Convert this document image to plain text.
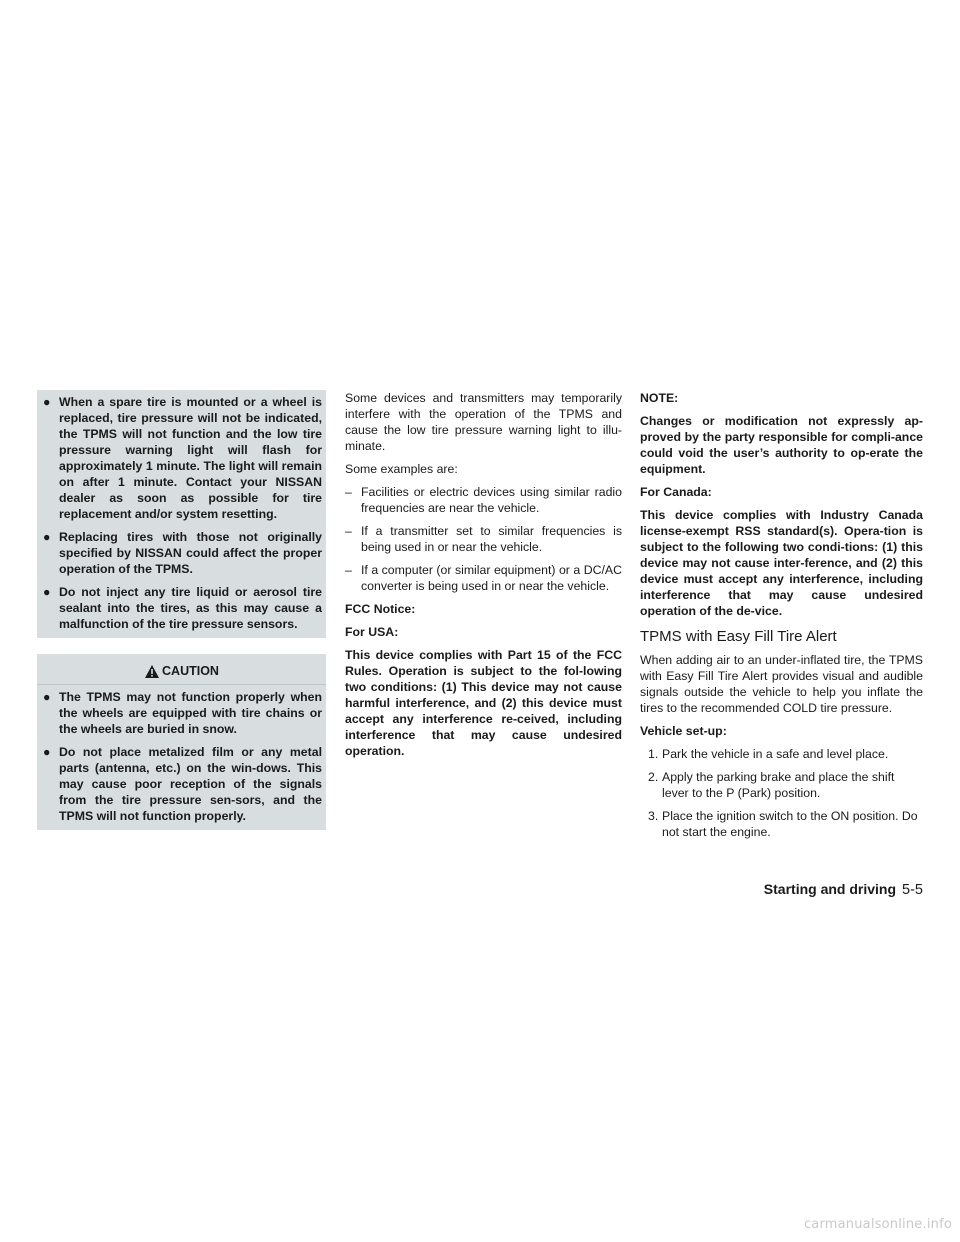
● When a spare tire is mounted or a wheel is replaced, tire pressure will not be indicated, the TPMS will not function and the low tire pressure warning light will flash for approximately 1 minute. The light will remain on after 1 minute. Contact your NISSAN dealer as soon as possible for tire replacement and/or system resetting.
● Replacing tires with those not originally specified by NISSAN could affect the proper operation of the TPMS.
● Do not inject any tire liquid or aerosol tire sealant into the tires, as this may cause a malfunction of the tire pressure sensors.
CAUTION
● The TPMS may not function properly when the wheels are equipped with tire chains or the wheels are buried in snow.
● Do not place metalized film or any metal parts (antenna, etc.) on the win-dows. This may cause poor reception of the signals from the tire pressure sen-sors, and the TPMS will not function properly.

Some devices and transmitters may temporarily interfere with the operation of the TPMS and cause the low tire pressure warning light to illu-minate.

Some examples are:

– Facilities or electric devices using similar radio frequencies are near the vehicle.
– If a transmitter set to similar frequencies is being used in or near the vehicle.
– If a computer (or similar equipment) or a DC/AC converter is being used in or near the vehicle.

FCC Notice:

For USA:

This device complies with Part 15 of the FCC Rules. Operation is subject to the fol-lowing two conditions: (1) This device may not cause harmful interference, and (2) this device must accept any interference re-ceived, including interference that may cause undesired operation.

NOTE:

Changes or modification not expressly ap-proved by the party responsible for compli-ance could void the user’s authority to op-erate the equipment.

For Canada:

This device complies with Industry Canada license-exempt RSS standard(s). Opera-tion is subject to the following two condi-tions: (1) this device may not cause inter-ference, and (2) this device must accept any interference, including interference that may cause undesired operation of the de-vice.

TPMS with Easy Fill Tire Alert

When adding air to an under-inflated tire, the TPMS with Easy Fill Tire Alert provides visual and audible signals outside the vehicle to help you inflate the tires to the recommended COLD tire pressure.

Vehicle set-up:

1. Park the vehicle in a safe and level place.
2. Apply the parking brake and place the shift lever to the P (Park) position.
3. Place the ignition switch to the ON position. Do not start the engine.
Starting and driving 5-5
carmanualsonline.info
